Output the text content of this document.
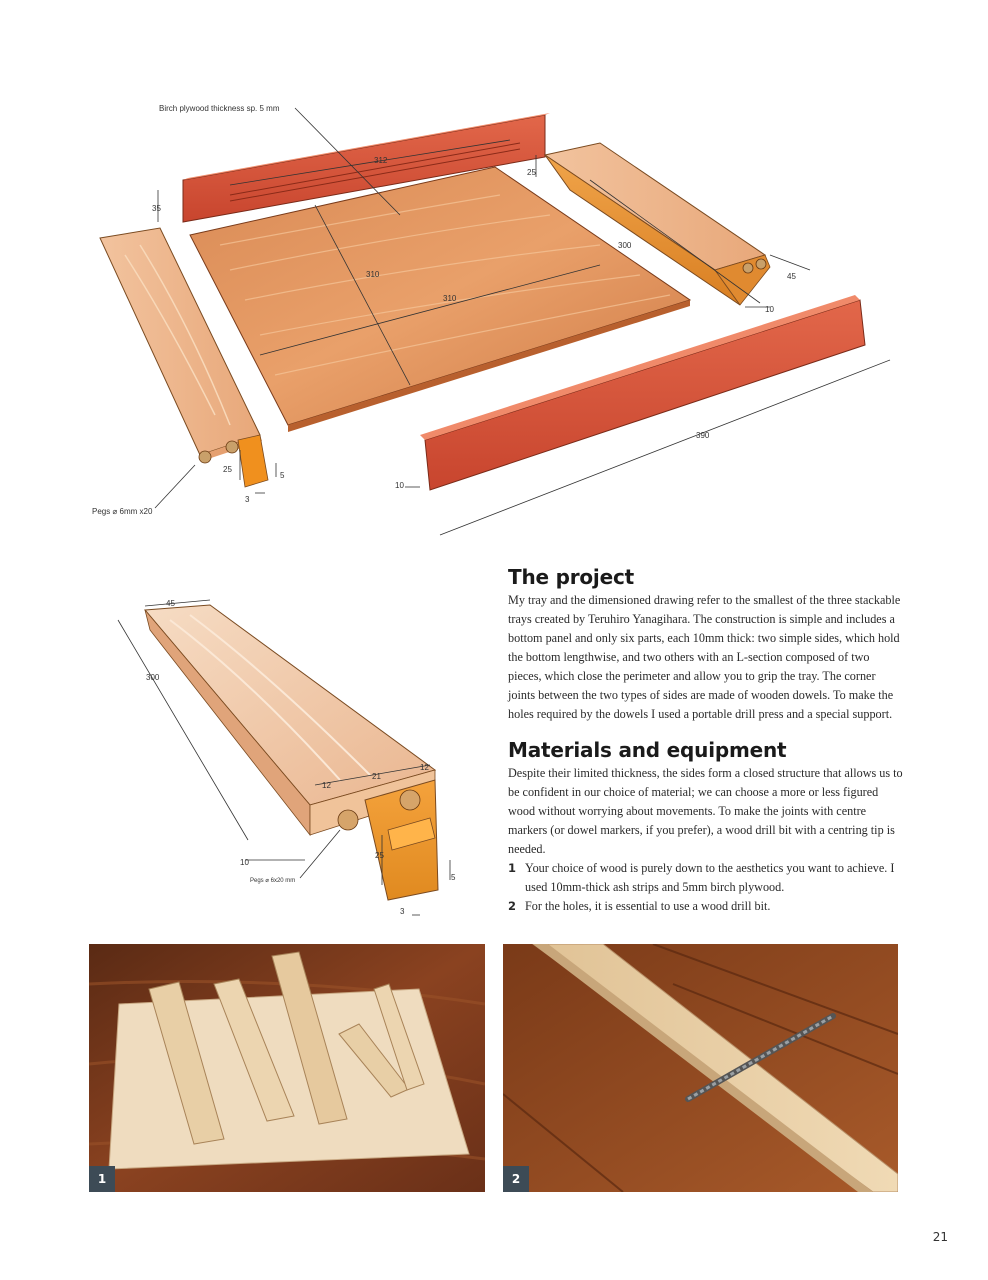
Birch plywood thickness sp. 5 mm
Pegs ⌀ 6mm x20
312
35
25
300
45
10
310
310
390
10
25
5
3
45
300
12
21
12
10
25
5
3
Pegs ⌀ 6x20 mm
The project

My tray and the dimensioned drawing refer to the smallest of the three stackable trays created by Teruhiro Yanagihara. The construction is simple and includes a bottom panel and only six parts, each 10mm thick: two simple sides, which hold the bottom lengthwise, and two others with an L-section composed of two pieces, which close the perimeter and allow you to grip the tray. The corner joints between the two types of sides are made of wooden dowels. To make the holes required by the dowels I used a portable drill press and a special support.

Materials and equipment

Despite their limited thickness, the sides form a closed structure that allows us to be confident in our choice of material; we can choose a more or less figured wood without worrying about movements. To make the joints with centre markers (or dowel markers, if you prefer), a wood drill bit with a centring tip is needed.

1 Your choice of wood is purely down to the aesthetics you want to achieve. I used 10mm-thick ash strips and 5mm birch plywood.
2 For the holes, it is essential to use a wood drill bit.
1	2
21
